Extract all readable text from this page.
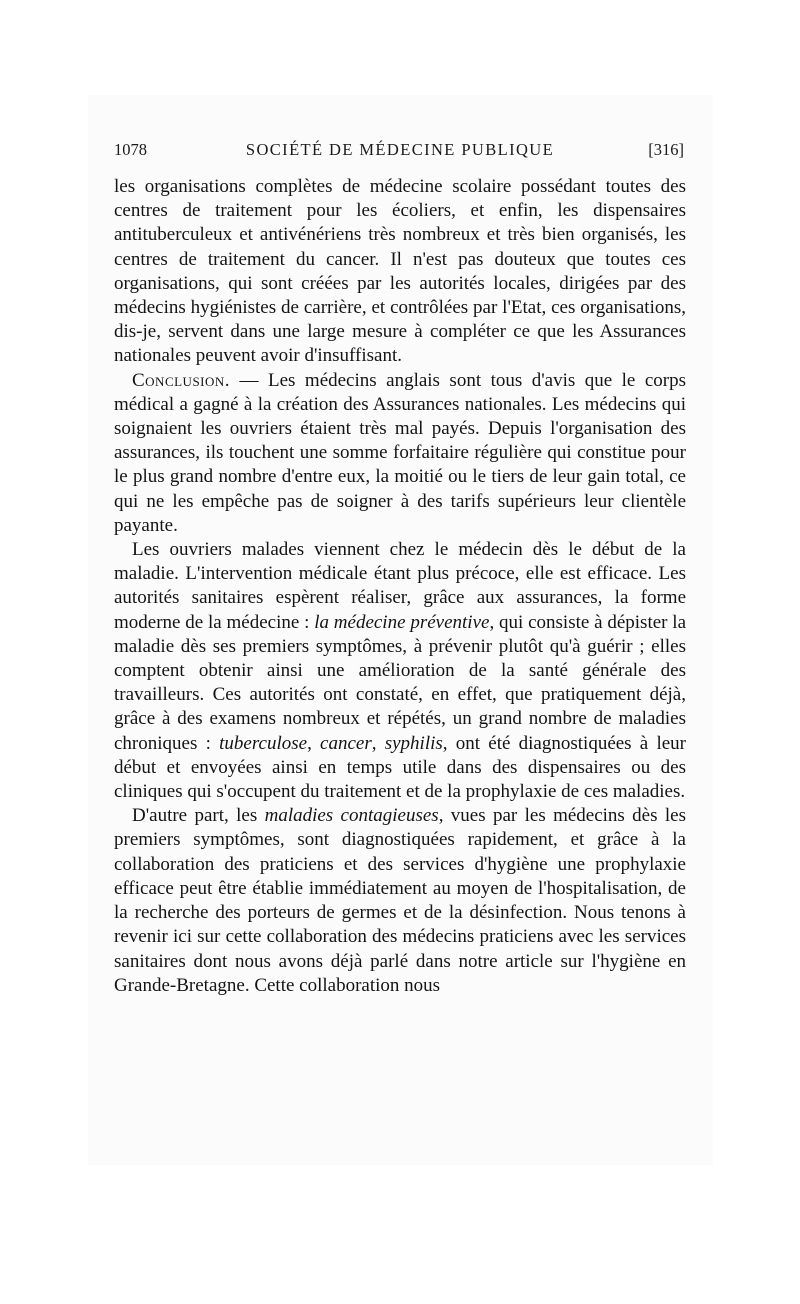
1078	SOCIÉTÉ DE MÉDECINE PUBLIQUE	[316]

les organisations complètes de médecine scolaire possédant toutes des centres de traitement pour les écoliers, et enfin, les dispensaires antituberculeux et antivénériens très nombreux et très bien organisés, les centres de traitement du cancer. Il n'est pas douteux que toutes ces organisations, qui sont créées par les autorités locales, dirigées par des médecins hygiénistes de carrière, et contrôlées par l'Etat, ces organisations, dis-je, servent dans une large mesure à compléter ce que les Assurances nationales peuvent avoir d'insuffisant.

Conclusion. — Les médecins anglais sont tous d'avis que le corps médical a gagné à la création des Assurances nationales. Les médecins qui soignaient les ouvriers étaient très mal payés. Depuis l'organisation des assurances, ils touchent une somme forfaitaire régulière qui constitue pour le plus grand nombre d'entre eux, la moitié ou le tiers de leur gain total, ce qui ne les empêche pas de soigner à des tarifs supérieurs leur clientèle payante.

Les ouvriers malades viennent chez le médecin dès le début de la maladie. L'intervention médicale étant plus précoce, elle est efficace. Les autorités sanitaires espèrent réaliser, grâce aux assurances, la forme moderne de la médecine : la médecine préventive, qui consiste à dépister la maladie dès ses premiers symptômes, à prévenir plutôt qu'à guérir ; elles comptent obtenir ainsi une amélioration de la santé générale des travailleurs. Ces autorités ont constaté, en effet, que pratiquement déjà, grâce à des examens nombreux et répétés, un grand nombre de maladies chroniques : tuberculose, cancer, syphilis, ont été diagnostiquées à leur début et envoyées ainsi en temps utile dans des dispensaires ou des cliniques qui s'occupent du traitement et de la prophylaxie de ces maladies.

D'autre part, les maladies contagieuses, vues par les médecins dès les premiers symptômes, sont diagnostiquées rapidement, et grâce à la collaboration des praticiens et des services d'hygiène une prophylaxie efficace peut être établie immédiatement au moyen de l'hospitalisation, de la recherche des porteurs de germes et de la désinfection. Nous tenons à revenir ici sur cette collaboration des médecins praticiens avec les services sanitaires dont nous avons déjà parlé dans notre article sur l'hygiène en Grande-Bretagne. Cette collaboration nous
